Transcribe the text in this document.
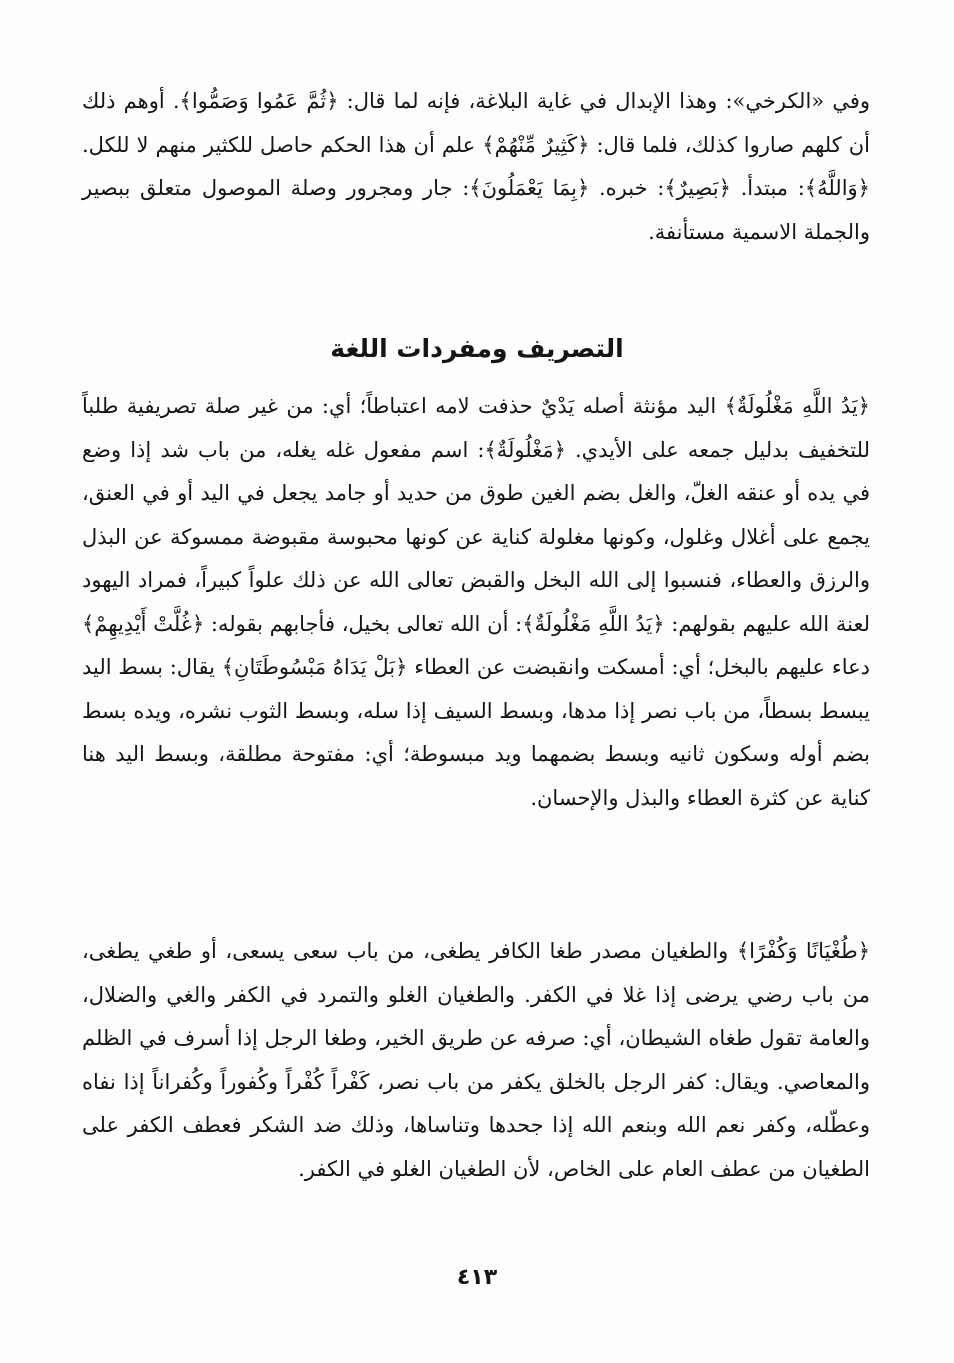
وفي «الكرخي»: وهذا الإبدال في غاية البلاغة، فإنه لما قال: ﴿ثُمَّ عَمُوا وَصَمُّوا﴾. أوهم ذلك أن كلهم صاروا كذلك، فلما قال: ﴿كَثِيرٌ مِّنْهُمْ﴾ علم أن هذا الحكم حاصل للكثير منهم لا للكل. ﴿وَاللَّهُ﴾: مبتدأ. ﴿بَصِيرٌ﴾: خبره. ﴿بِمَا يَعْمَلُونَ﴾: جار ومجرور وصلة الموصول متعلق ببصير والجملة الاسمية مستأنفة.

التصريف ومفردات اللغة

﴿يَدُ اللَّهِ مَغْلُولَةٌ﴾ اليد مؤنثة أصله يَدْيٌ حذفت لامه اعتباطاً؛ أي: من غير صلة تصريفية طلباً للتخفيف بدليل جمعه على الأيدي. ﴿مَغْلُولَةٌ﴾: اسم مفعول غله يغله، من باب شد إذا وضع في يده أو عنقه الغلّ، والغل بضم الغين طوق من حديد أو جامد يجعل في اليد أو في العنق، يجمع على أغلال وغلول، وكونها مغلولة كناية عن كونها محبوسة مقبوضة ممسوكة عن البذل والرزق والعطاء، فنسبوا إلى الله البخل والقبض تعالى الله عن ذلك علواً كبيراً، فمراد اليهود لعنة الله عليهم بقولهم: ﴿يَدُ اللَّهِ مَغْلُولَةٌ﴾: أن الله تعالى بخيل، فأجابهم بقوله: ﴿غُلَّتْ أَيْدِيهِمْ﴾ دعاء عليهم بالبخل؛ أي: أمسكت وانقبضت عن العطاء ﴿بَلْ يَدَاهُ مَبْسُوطَتَانِ﴾ يقال: بسط اليد يبسط بسطاً، من باب نصر إذا مدها، وبسط السيف إذا سله، وبسط الثوب نشره، ويده بسط بضم أوله وسكون ثانيه وبسط بضمهما ويد مبسوطة؛ أي: مفتوحة مطلقة، وبسط اليد هنا كناية عن كثرة العطاء والبذل والإحسان.

﴿طُغْيَانًا وَكُفْرًا﴾ والطغيان مصدر طغا الكافر يطغى، من باب سعى يسعى، أو طغي يطغى، من باب رضي يرضى إذا غلا في الكفر. والطغيان الغلو والتمرد في الكفر والغي والضلال، والعامة تقول طغاه الشيطان، أي: صرفه عن طريق الخير، وطغا الرجل إذا أسرف في الظلم والمعاصي. ويقال: كفر الرجل بالخلق يكفر من باب نصر، كَفْراً كُفْراً وكُفوراً وكُفراناً إذا نفاه وعطّله، وكفر نعم الله وبنعم الله إذا جحدها وتناساها، وذلك ضد الشكر فعطف الكفر على الطغيان من عطف العام على الخاص، لأن الطغيان الغلو في الكفر.

٤١٣
